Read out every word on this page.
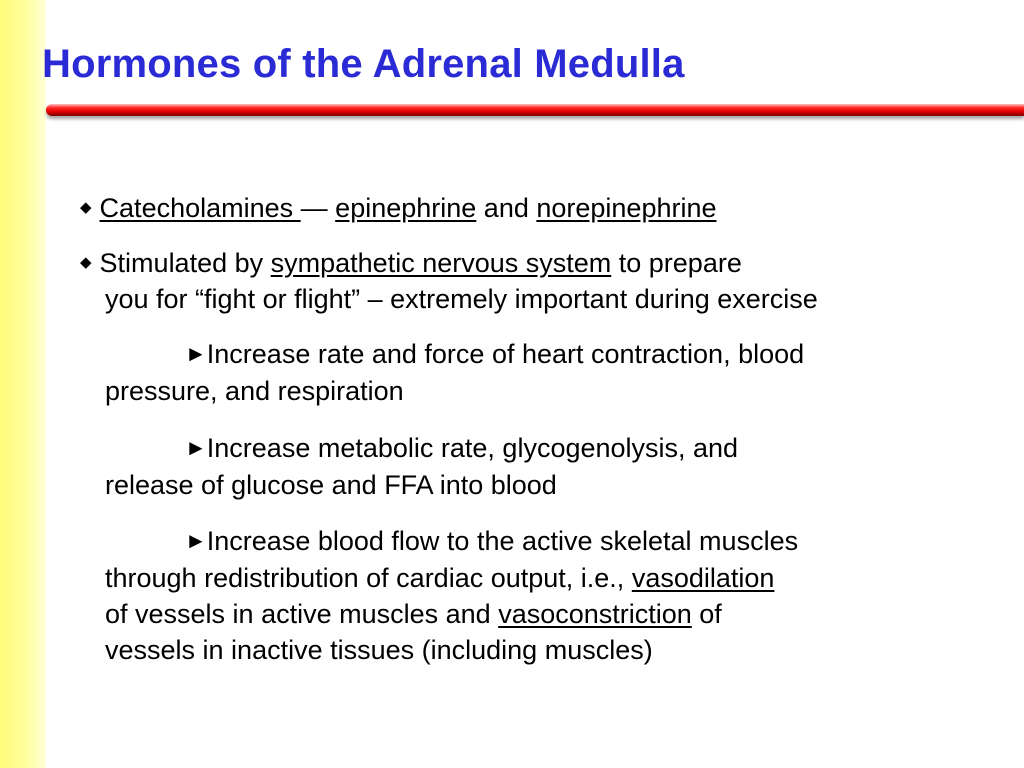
Hormones of the Adrenal Medulla
◆ Catecholamines — epinephrine and norepinephrine
◆ Stimulated by sympathetic nervous system to prepare
you for “fight or flight” – extremely important during exercise
►Increase rate and force of heart contraction, blood
pressure, and respiration
►Increase metabolic rate, glycogenolysis, and
release of glucose and FFA into blood
►Increase blood flow to the active skeletal muscles
through redistribution of cardiac output, i.e., vasodilation
of vessels in active muscles and vasoconstriction of
vessels in inactive tissues (including muscles)
